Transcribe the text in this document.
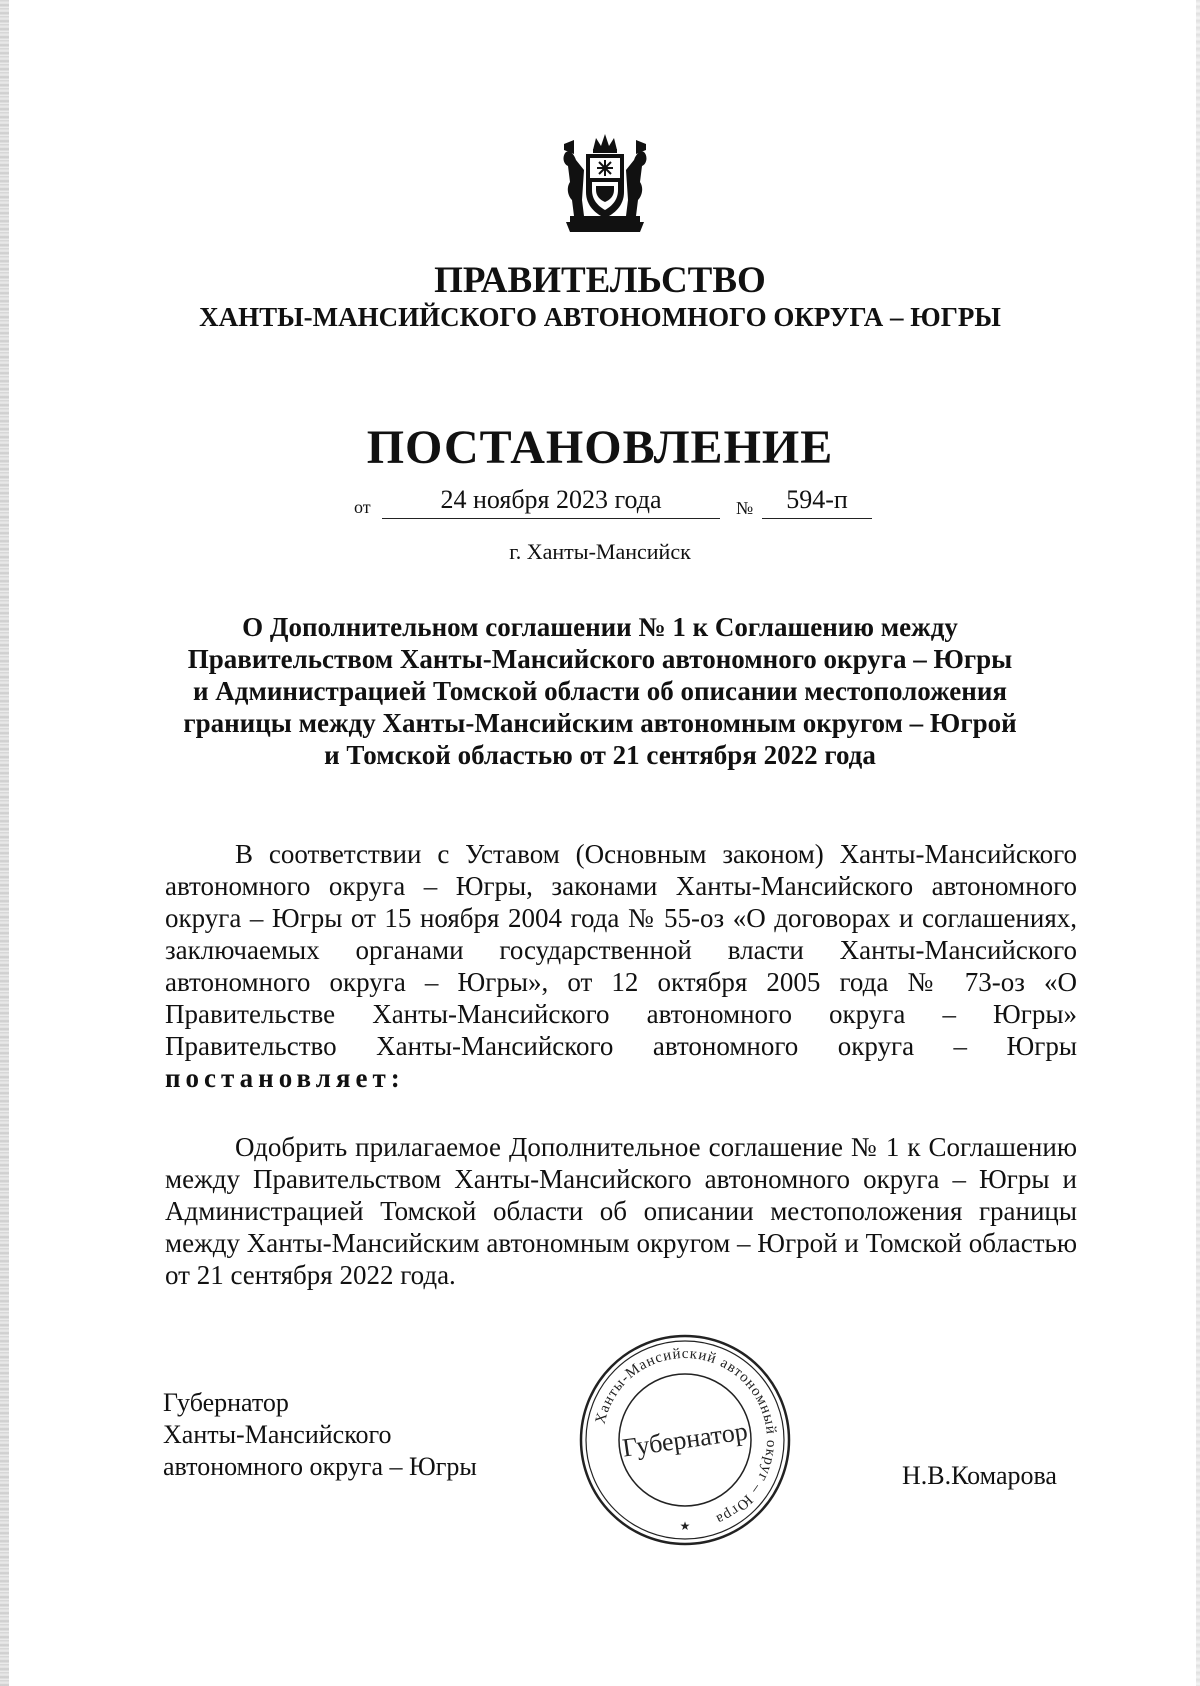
ПРАВИТЕЛЬСТВО
ХАНТЫ-МАНСИЙСКОГО АВТОНОМНОГО ОКРУГА – ЮГРЫ
ПОСТАНОВЛЕНИЕ
от	24 ноября 2023 года	№	594-п
г. Ханты-Мансийск
О Дополнительном соглашении № 1 к Соглашению между
Правительством Ханты-Мансийского автономного округа – Югры
и Администрацией Томской области об описании местоположения
границы между Ханты-Мансийским автономным округом – Югрой
и Томской областью от 21 сентября 2022 года
В соответствии с Уставом (Основным законом) Ханты-Мансийского автономного округа – Югры, законами Ханты-Мансийского автономного округа – Югры от 15 ноября 2004 года № 55-оз «О договорах и соглашениях, заключаемых органами государственной власти Ханты-Мансийского автономного округа – Югры», от 12 октября 2005 года № 73-оз «О Правительстве Ханты-Мансийского автономного округа – Югры» Правительство Ханты-Мансийского автономного округа – Югры постановляет:
Одобрить прилагаемое Дополнительное соглашение № 1 к Соглашению между Правительством Ханты-Мансийского автономного округа – Югры и Администрацией Томской области об описании местоположения границы между Ханты-Мансийским автономным округом – Югрой и Томской областью от 21 сентября 2022 года.
Губернатор
Ханты-Мансийского
автономного округа – Югры
Ханты-Мансийский автономный округ – Югра
Губернатор
★
Н.В.Комарова
